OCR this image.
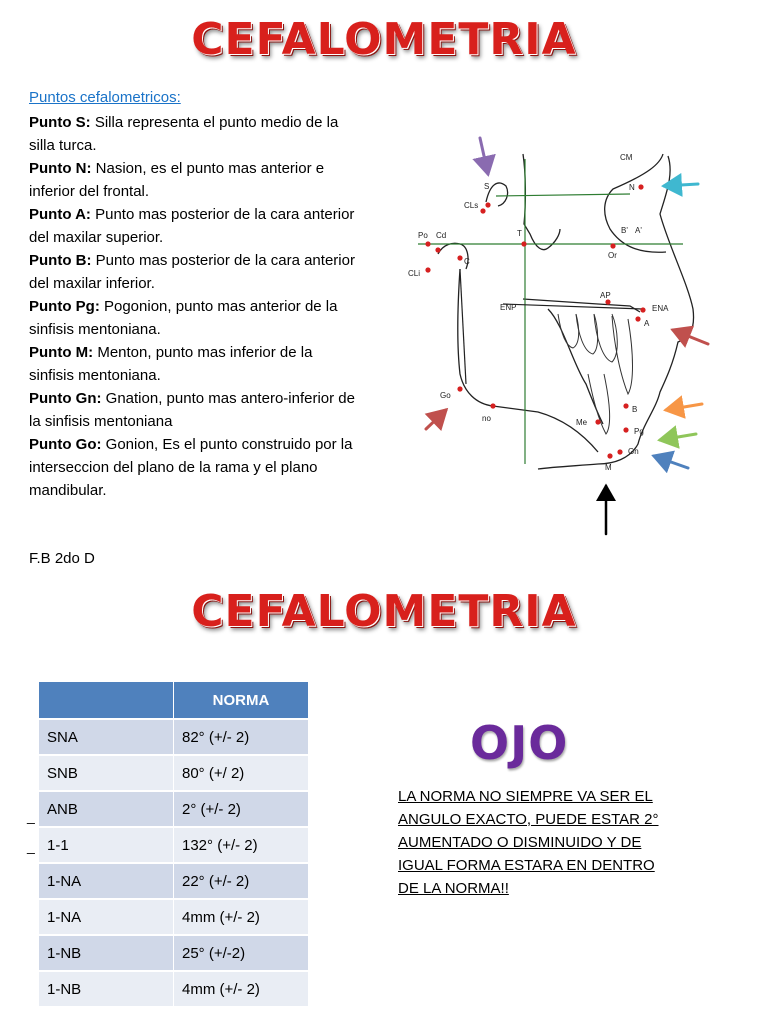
CEFALOMETRIA
Puntos cefalometricos:
Punto S: Silla representa el punto medio de la silla turca.
Punto N: Nasion, es el punto mas anterior e inferior del frontal.
Punto A: Punto mas posterior de la cara anterior del maxilar superior.
Punto B: Punto mas posterior de la cara anterior del maxilar inferior.
Punto Pg: Pogonion, punto mas anterior de la sinfisis mentoniana.
Punto M: Menton, punto mas inferior de la sinfisis mentoniana.
Punto Gn: Gnation, punto mas antero-inferior de la sinfisis mentoniana
Punto Go: Gonion, Es el punto construido por la interseccion del plano de la rama y el plano mandibular.
F.B 2do D
CM
S
CLs
N
Po Cd	T	B' A'
Or
CLi
C
ENP
AP
ENA
A
Go
no	Me
B
Pg
Gn
M
CEFALOMETRIA
_
_
	NORMA
SNA	82° (+/- 2)
SNB	80° (+/ 2)
ANB	2° (+/- 2)
1-1	132° (+/- 2)
1-NA	22° (+/- 2)
1-NA	4mm (+/- 2)
1-NB	25° (+/-2)
1-NB	4mm (+/- 2)
OJO
LA NORMA NO SIEMPRE VA SER EL ANGULO EXACTO, PUEDE ESTAR 2° AUMENTADO O DISMINUIDO Y DE IGUAL FORMA ESTARA EN DENTRO DE LA NORMA!!
